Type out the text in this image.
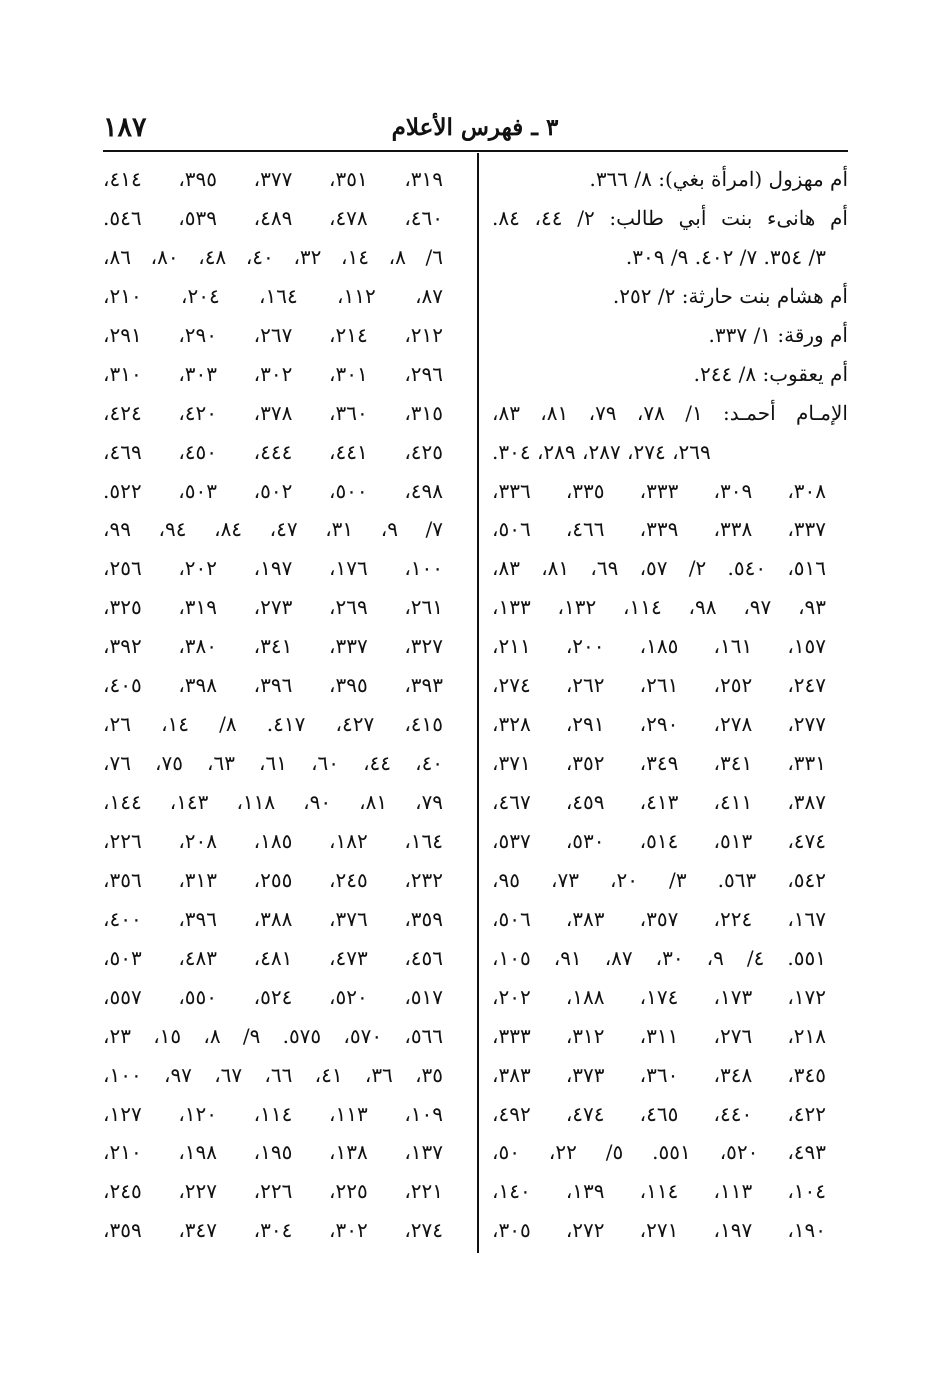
١٨٧	٣ ـ فهرس الأعلام
أم مهزول (امرأة بغي): ٨/ ٣٦٦.
أم هانىء بنت أبي طالب: ٢/ ٤٤، ٨٤.
٣/ ٣٥٤. ٧/ ٤٠٢. ٩/ ٣٠٩.
أم هشام بنت حارثة: ٢/ ٢٥٢.
أم ورقة: ١/ ٣٣٧.
أم يعقوب: ٨/ ٢٤٤.
الإمـام أحمـد: ١/ ٧٨، ٧٩، ٨١، ٨٣،
٢٦٩، ٢٧٤، ٢٨٧، ٢٨٩، ٣٠٤.
٣٠٨، ٣٠٩، ٣٣٣، ٣٣٥، ٣٣٦،
٣٣٧، ٣٣٨، ٣٣٩، ٤٦٦، ٥٠٦،
٥١٦، ٥٤٠. ٢/ ٥٧، ٦٩، ٨١، ٨٣،
٩٣، ٩٧، ٩٨، ١١٤، ١٣٢، ١٣٣،
١٥٧، ١٦١، ١٨٥، ٢٠٠، ٢١١،
٢٤٧، ٢٥٢، ٢٦١، ٢٦٢، ٢٧٤،
٢٧٧، ٢٧٨، ٢٩٠، ٢٩١، ٣٢٨،
٣٣١، ٣٤١، ٣٤٩، ٣٥٢، ٣٧١،
٣٨٧، ٤١١، ٤١٣، ٤٥٩، ٤٦٧،
٤٧٤، ٥١٣، ٥١٤، ٥٣٠، ٥٣٧،
٥٤٢، ٥٦٣. ٣/ ٢٠، ٧٣، ٩٥،
١٦٧، ٢٢٤، ٣٥٧، ٣٨٣، ٥٠٦،
٥٥١. ٤/ ٩، ٣٠، ٨٧، ٩١، ١٠٥،
١٧٢، ١٧٣، ١٧٤، ١٨٨، ٢٠٢،
٢١٨، ٢٧٦، ٣١١، ٣١٢، ٣٣٣،
٣٤٥، ٣٤٨، ٣٦٠، ٣٧٣، ٣٨٣،
٤٢٢، ٤٤٠، ٤٦٥، ٤٧٤، ٤٩٢،
٤٩٣، ٥٢٠، ٥٥١. ٥/ ٢٢، ٥٠،
١٠٤، ١١٣، ١١٤، ١٣٩، ١٤٠،
١٩٠، ١٩٧، ٢٧١، ٢٧٢، ٣٠٥،
٣١٩، ٣٥١، ٣٧٧، ٣٩٥، ٤١٤،
٤٦٠، ٤٧٨، ٤٨٩، ٥٣٩، ٥٤٦.
٦/ ٨، ١٤، ٣٢، ٤٠، ٤٨، ٨٠، ٨٦،
٨٧، ١١٢، ١٦٤، ٢٠٤، ٢١٠،
٢١٢، ٢١٤، ٢٦٧، ٢٩٠، ٢٩١،
٢٩٦، ٣٠١، ٣٠٢، ٣٠٣، ٣١٠،
٣١٥، ٣٦٠، ٣٧٨، ٤٢٠، ٤٢٤،
٤٢٥، ٤٤١، ٤٤٤، ٤٥٠، ٤٦٩،
٤٩٨، ٥٠٠، ٥٠٢، ٥٠٣، ٥٢٢.
٧/ ٩، ٣١، ٤٧، ٨٤، ٩٤، ٩٩،
١٠٠، ١٧٦، ١٩٧، ٢٠٢، ٢٥٦،
٢٦١، ٢٦٩، ٢٧٣، ٣١٩، ٣٢٥،
٣٢٧، ٣٣٧، ٣٤١، ٣٨٠، ٣٩٢،
٣٩٣، ٣٩٥، ٣٩٦، ٣٩٨، ٤٠٥،
٤١٥، ٤٢٧، ٤١٧. ٨/ ١٤، ٢٦،
٤٠، ٤٤، ٦٠، ٦١، ٦٣، ٧٥، ٧٦،
٧٩، ٨١، ٩٠، ١١٨، ١٤٣، ١٤٤،
١٦٤، ١٨٢، ١٨٥، ٢٠٨، ٢٢٦،
٢٣٢، ٢٤٥، ٢٥٥، ٣١٣، ٣٥٦،
٣٥٩، ٣٧٦، ٣٨٨، ٣٩٦، ٤٠٠،
٤٥٦، ٤٧٣، ٤٨١، ٤٨٣، ٥٠٣،
٥١٧، ٥٢٠، ٥٢٤، ٥٥٠، ٥٥٧،
٥٦٦، ٥٧٠، ٥٧٥. ٩/ ٨، ١٥، ٢٣،
٣٥، ٣٦، ٤١، ٦٦، ٦٧، ٩٧، ١٠٠،
١٠٩، ١١٣، ١١٤، ١٢٠، ١٢٧،
١٣٧، ١٣٨، ١٩٥، ١٩٨، ٢١٠،
٢٢١، ٢٢٥، ٢٢٦، ٢٢٧، ٢٤٥،
٢٧٤، ٣٠٢، ٣٠٤، ٣٤٧، ٣٥٩،
